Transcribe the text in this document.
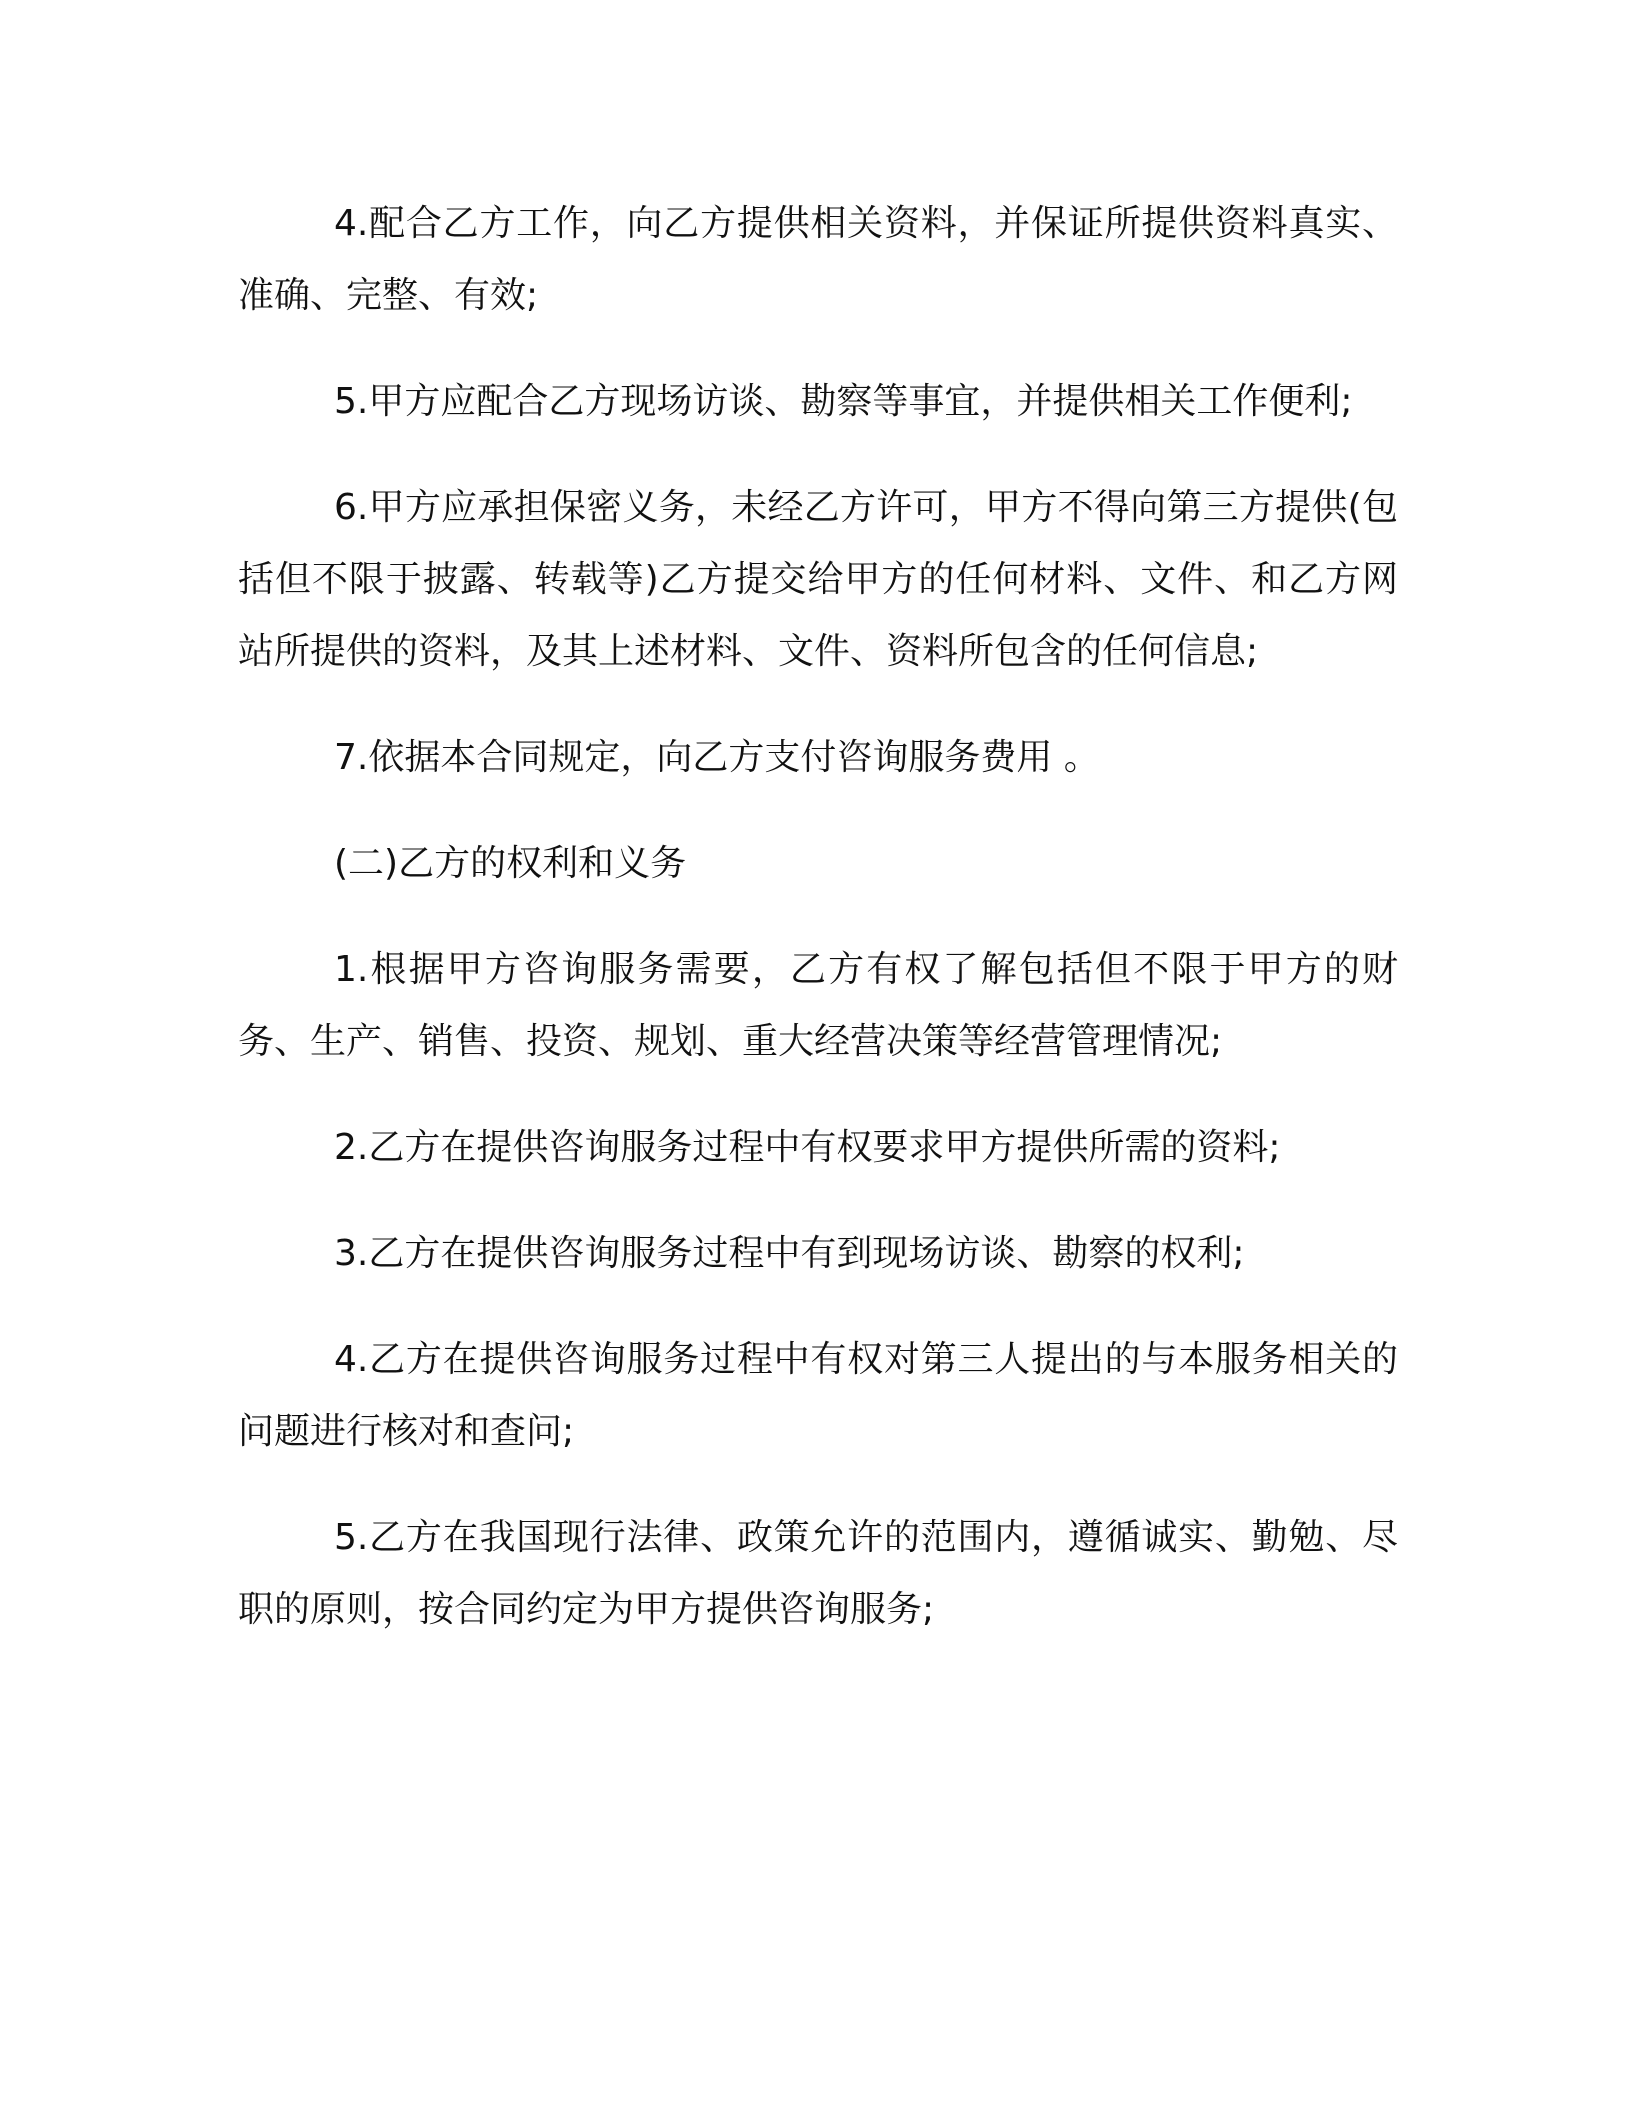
4.配合乙方工作，向乙方提供相关资料，并保证所提供资料真实、准确、完整、有效;

5.甲方应配合乙方现场访谈、勘察等事宜，并提供相关工作便利;

6.甲方应承担保密义务，未经乙方许可，甲方不得向第三方提供(包括但不限于披露、转载等)乙方提交给甲方的任何材料、文件、和乙方网站所提供的资料，及其上述材料、文件、资料所包含的任何信息;

7.依据本合同规定，向乙方支付咨询服务费用 。

(二)乙方的权利和义务

1.根据甲方咨询服务需要，乙方有权了解包括但不限于甲方的财务、生产、销售、投资、规划、重大经营决策等经营管理情况;

2.乙方在提供咨询服务过程中有权要求甲方提供所需的资料;

3.乙方在提供咨询服务过程中有到现场访谈、勘察的权利;

4.乙方在提供咨询服务过程中有权对第三人提出的与本服务相关的问题进行核对和查问;

5.乙方在我国现行法律、政策允许的范围内，遵循诚实、勤勉、尽职的原则，按合同约定为甲方提供咨询服务;
